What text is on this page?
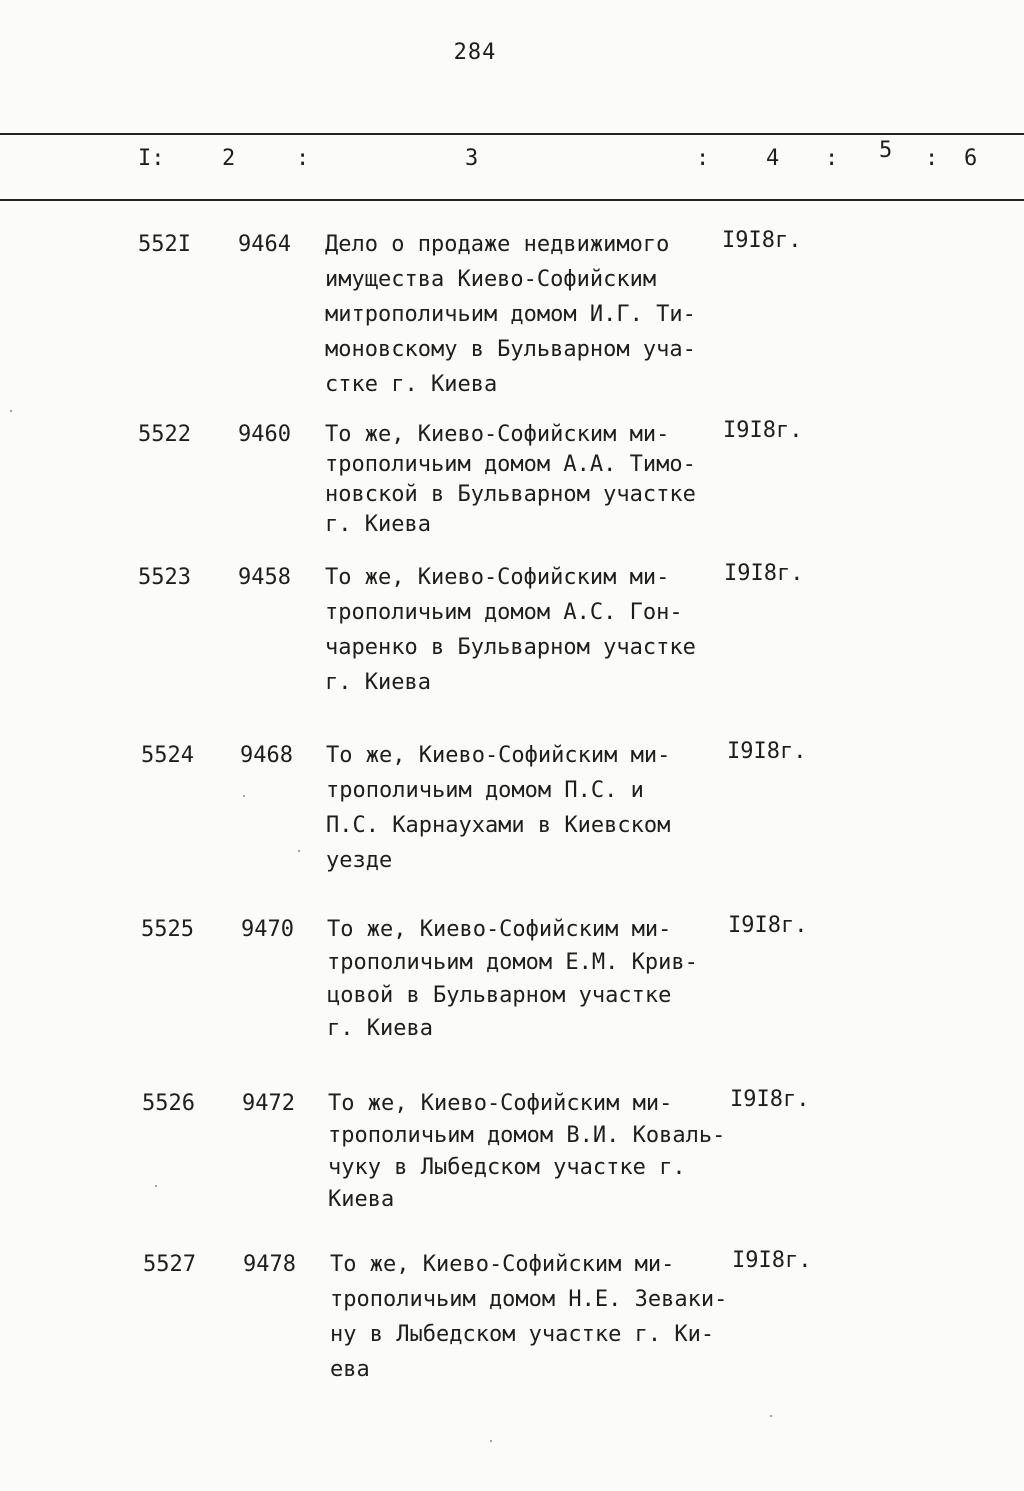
284
I:	2	:	3	:	4 : 5 : 6
552I 9464 Дело о продаже недвижимого
имущества Киево-Софийским
митрополичьим домом И.Г. Ти-
моновскому в Бульварном уча-
стке г. Киева
I9I8г.
5522 9460 То же, Киево-Софийским ми-
трополичьим домом А.А. Тимо-
новской в Бульварном участке
г. Киева
I9I8г.
5523 9458 То же, Киево-Софийским ми-
трополичьим домом А.С. Гон-
чаренко в Бульварном участке
г. Киева
I9I8г.
5524 9468 То же, Киево-Софийским ми-
трополичьим домом П.С. и
П.С. Карнаухами в Киевском
уезде
I9I8г.
5525 9470 То же, Киево-Софийским ми-
трополичьим домом Е.М. Крив-
цовой в Бульварном участке
г. Киева
I9I8г.
5526 9472 То же, Киево-Софийским ми-
трополичьим домом В.И. Коваль-
чуку в Лыбедском участке г.
Киева
I9I8г.
5527 9478 То же, Киево-Софийским ми-
трополичьим домом Н.Е. Зеваки-
ну в Лыбедском участке г. Ки-
ева
I9I8г.
